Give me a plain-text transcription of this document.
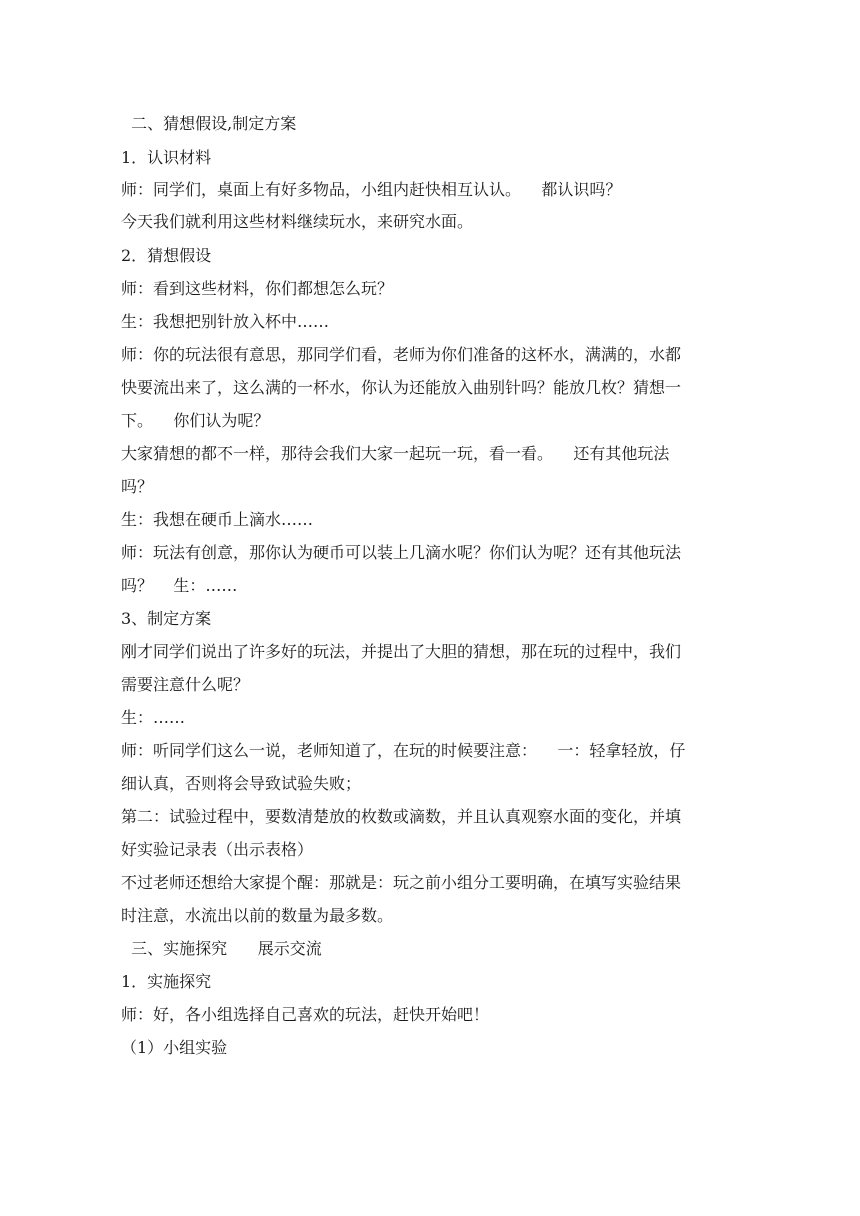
二、猜想假设,制定方案
1．认识材料
师：同学们，桌面上有好多物品，小组内赶快相互认认。    都认识吗？
今天我们就利用这些材料继续玩水，来研究水面。
2．猜想假设
师：看到这些材料，你们都想怎么玩？
生：我想把别针放入杯中……
师：你的玩法很有意思，那同学们看，老师为你们准备的这杯水，满满的，水都
快要流出来了，这么满的一杯水，你认为还能放入曲别针吗？能放几枚？猜想一
下。    你们认为呢？
大家猜想的都不一样，那待会我们大家一起玩一玩，看一看。    还有其他玩法
吗？
生：我想在硬币上滴水……
师：玩法有创意，那你认为硬币可以装上几滴水呢？你们认为呢？还有其他玩法
吗？    生：……
3、制定方案
刚才同学们说出了许多好的玩法，并提出了大胆的猜想，那在玩的过程中，我们
需要注意什么呢？
生：……
师：听同学们这么一说，老师知道了，在玩的时候要注意：    一：轻拿轻放，仔
细认真，否则将会导致试验失败；
第二：试验过程中，要数清楚放的枚数或滴数，并且认真观察水面的变化，并填
好实验记录表（出示表格）
不过老师还想给大家提个醒：那就是：玩之前小组分工要明确，在填写实验结果
时注意，水流出以前的数量为最多数。
三、实施探究      展示交流
1．实施探究
师：好，各小组选择自己喜欢的玩法，赶快开始吧！
（1）小组实验
